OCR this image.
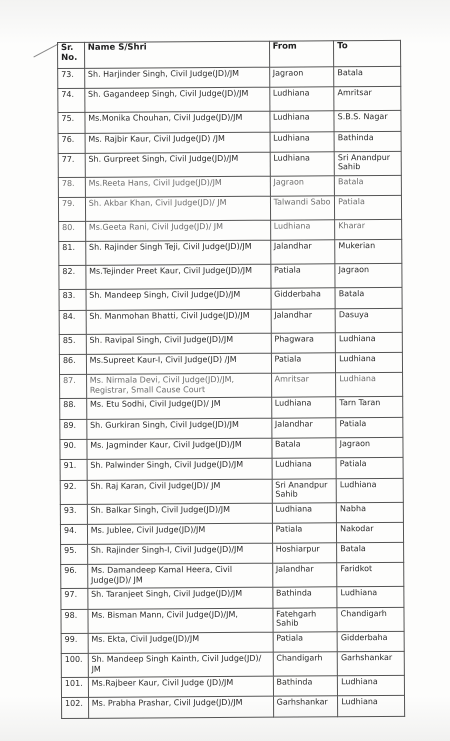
Sr. No.	Name S/Shri	From	To
73.	Sh. Harjinder Singh, Civil Judge(JD)/JM	Jagraon	Batala
74.	Sh. Gagandeep Singh, Civil Judge(JD)/JM	Ludhiana	Amritsar
75.	Ms.Monika Chouhan, Civil Judge(JD)/JM	Ludhiana	S.B.S. Nagar
76.	Ms. Rajbir Kaur, Civil Judge(JD) /JM	Ludhiana	Bathinda
77.	Sh. Gurpreet Singh, Civil Judge(JD)/JM	Ludhiana	Sri Anandpur Sahib
78.	Ms.Reeta Hans, Civil Judge(JD)/JM	Jagraon	Batala
79.	Sh. Akbar Khan, Civil Judge(JD)/ JM	Talwandi Sabo	Patiala
80.	Ms.Geeta Rani, Civil Judge(JD)/ JM	Ludhiana	Kharar
81.	Sh. Rajinder Singh Teji, Civil Judge(JD)/JM	Jalandhar	Mukerian
82.	Ms.Tejinder Preet Kaur, Civil Judge(JD)/JM	Patiala	Jagraon
83.	Sh. Mandeep Singh, Civil Judge(JD)/JM	Gidderbaha	Batala
84.	Sh. Manmohan Bhatti, Civil Judge(JD)/JM	Jalandhar	Dasuya
85.	Sh. Ravipal Singh, Civil Judge(JD)/JM	Phagwara	Ludhiana
86.	Ms.Supreet Kaur-I, Civil Judge(JD) /JM	Patiala	Ludhiana
87.	Ms. Nirmala Devi, Civil Judge(JD)/JM, Registrar, Small Cause Court	Amritsar	Ludhiana
88.	Ms. Etu Sodhi, Civil Judge(JD)/ JM	Ludhiana	Tarn Taran
89.	Sh. Gurkiran Singh, Civil Judge(JD)/JM	Jalandhar	Patiala
90.	Ms. Jagminder Kaur, Civil Judge(JD)/JM	Batala	Jagraon
91.	Sh. Palwinder Singh, Civil Judge(JD)/JM	Ludhiana	Patiala
92.	Sh. Raj Karan, Civil Judge(JD)/ JM	Sri Anandpur Sahib	Ludhiana
93.	Sh. Balkar Singh, Civil Judge(JD)/JM	Ludhiana	Nabha
94.	Ms. Jublee, Civil Judge(JD)/JM	Patiala	Nakodar
95.	Sh. Rajinder Singh-I, Civil Judge(JD)/JM	Hoshiarpur	Batala
96.	Ms. Damandeep Kamal Heera, Civil Judge(JD)/ JM	Jalandhar	Faridkot
97.	Sh. Taranjeet Singh, Civil Judge(JD)/JM	Bathinda	Ludhiana
98.	Ms. Bisman Mann, Civil Judge(JD)/JM,	Fatehgarh Sahib	Chandigarh
99.	Ms. Ekta, Civil Judge(JD)/JM	Patiala	Gidderbaha
100.	Sh. Mandeep Singh Kainth, Civil Judge(JD)/ JM	Chandigarh	Garhshankar
101.	Ms.Rajbeer Kaur, Civil Judge (JD)/JM	Bathinda	Ludhiana
102.	Ms. Prabha Prashar, Civil Judge(JD)/JM	Garhshankar	Ludhiana
